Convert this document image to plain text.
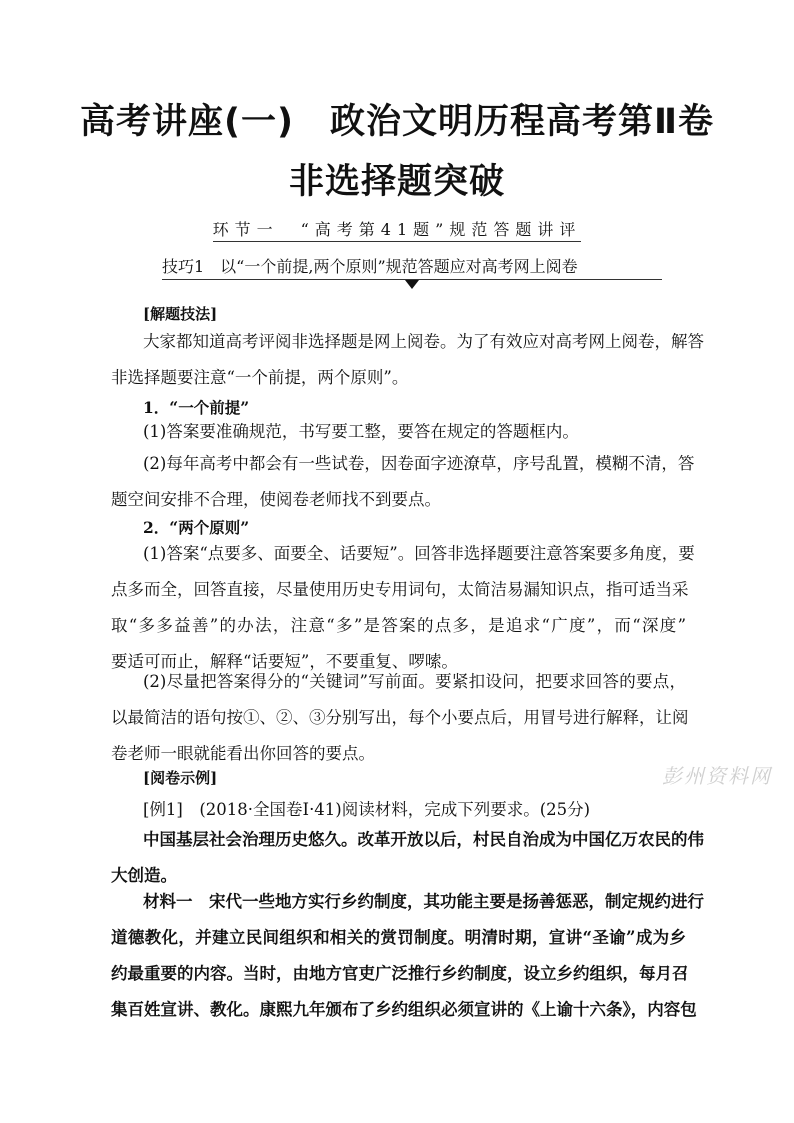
高考讲座(一)　政治文明历程高考第Ⅱ卷
非选择题突破
环节一　“高考第41题”规范答题讲评
技巧1　以“一个前提,两个原则”规范答题应对高考网上阅卷
[解题技法]
大家都知道高考评阅非选择题是网上阅卷。为了有效应对高考网上阅卷，解答
非选择题要注意“一个前提，两个原则”。
1．“一个前提”
(1)答案要准确规范，书写要工整，要答在规定的答题框内。
(2)每年高考中都会有一些试卷，因卷面字迹潦草，序号乱置，模糊不清，答
题空间安排不合理，使阅卷老师找不到要点。
2．“两个原则”
(1)答案“点要多、面要全、话要短”。回答非选择题要注意答案要多角度，要
点多而全，回答直接，尽量使用历史专用词句，太简洁易漏知识点，指可适当采
取“多多益善”的办法，注意“多”是答案的点多，是追求“广度”，而“深度”
要适可而止，解释“话要短”，不要重复、啰嗦。
(2)尽量把答案得分的“关键词”写前面。要紧扣设问，把要求回答的要点，
以最简洁的语句按①、②、③分别写出，每个小要点后，用冒号进行解释，让阅
卷老师一眼就能看出你回答的要点。
[阅卷示例]
[例1]　(2018·全国卷Ⅰ·41)阅读材料，完成下列要求。(25分)
中国基层社会治理历史悠久。改革开放以后，村民自治成为中国亿万农民的伟
大创造。
材料一　宋代一些地方实行乡约制度，其功能主要是扬善惩恶，制定规约进行
道德教化，并建立民间组织和相关的赏罚制度。明清时期，宣讲“圣谕”成为乡
约最重要的内容。当时，由地方官吏广泛推行乡约制度，设立乡约组织，每月召
集百姓宣讲、教化。康熙九年颁布了乡约组织必须宣讲的《上谕十六条》，内容包
彭州资料网
